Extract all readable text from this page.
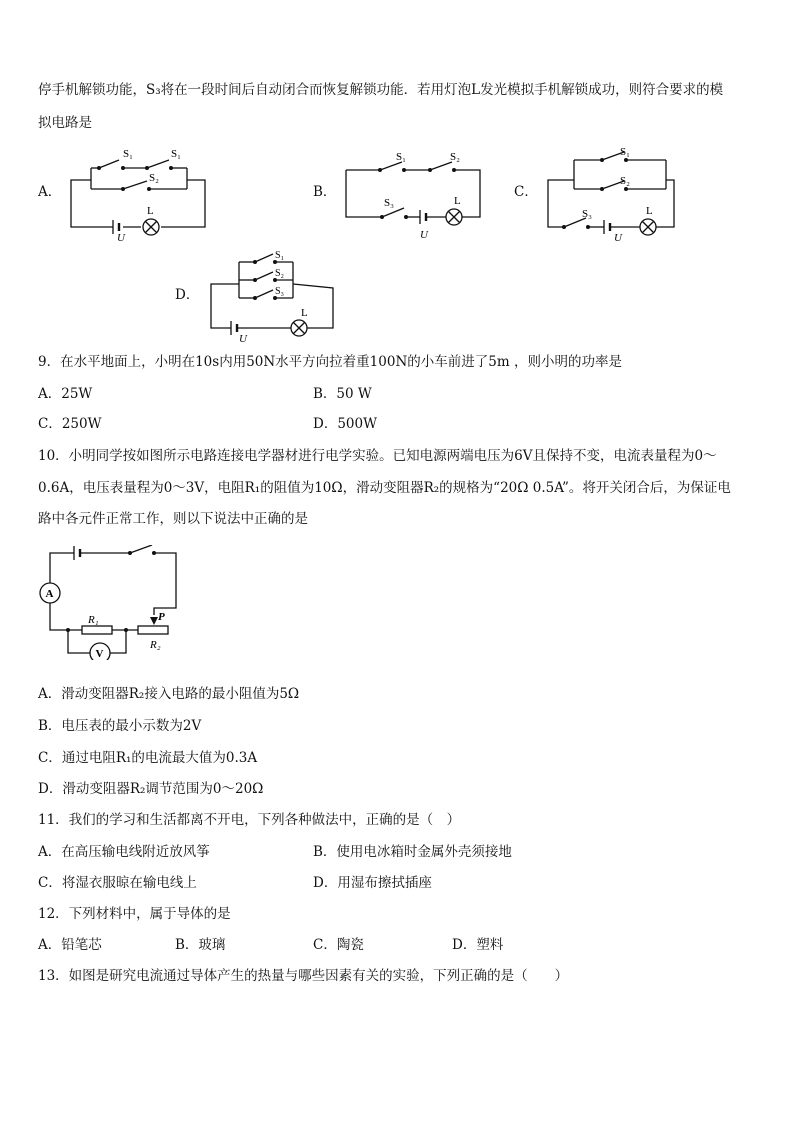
停手机解锁功能，S₃将在一段时间后自动闭合而恢复解锁功能．若用灯泡L发光模拟手机解锁成功，则符合要求的模
拟电路是
A．
S₁	S₁
S₂
L
U
B．
S₁	S₂
S₃	L
U
C．
S₁
S₂
S₃	L
U
D．
S₁
S₂
S₃
L
U
9．在水平地面上，小明在10s内用50N水平方向拉着重100N的小车前进了5m ，则小明的功率是
A．25W	B．50 W
C．250W	D．500W
10．小明同学按如图所示电路连接电学器材进行电学实验。已知电源两端电压为6V且保持不变，电流表量程为0～
0.6A，电压表量程为0～3V，电阻R₁的阻值为10Ω，滑动变阻器R₂的规格为“20Ω 0.5A”。将开关闭合后，为保证电
路中各元件正常工作，则以下说法中正确的是
A
V
R₁
R₂
P
A．滑动变阻器R₂接入电路的最小阻值为5Ω
B．电压表的最小示数为2V
C．通过电阻R₁的电流最大值为0.3A
D．滑动变阻器R₂调节范围为0～20Ω
11．我们的学习和生活都离不开电，下列各种做法中，正确的是（　）
A．在高压输电线附近放风筝	B．使用电冰箱时金属外壳须接地
C．将湿衣服晾在输电线上	D．用湿布擦拭插座
12．下列材料中，属于导体的是
A．铅笔芯	B．玻璃	C．陶瓷	D．塑料
13．如图是研究电流通过导体产生的热量与哪些因素有关的实验，下列正确的是（　　）
